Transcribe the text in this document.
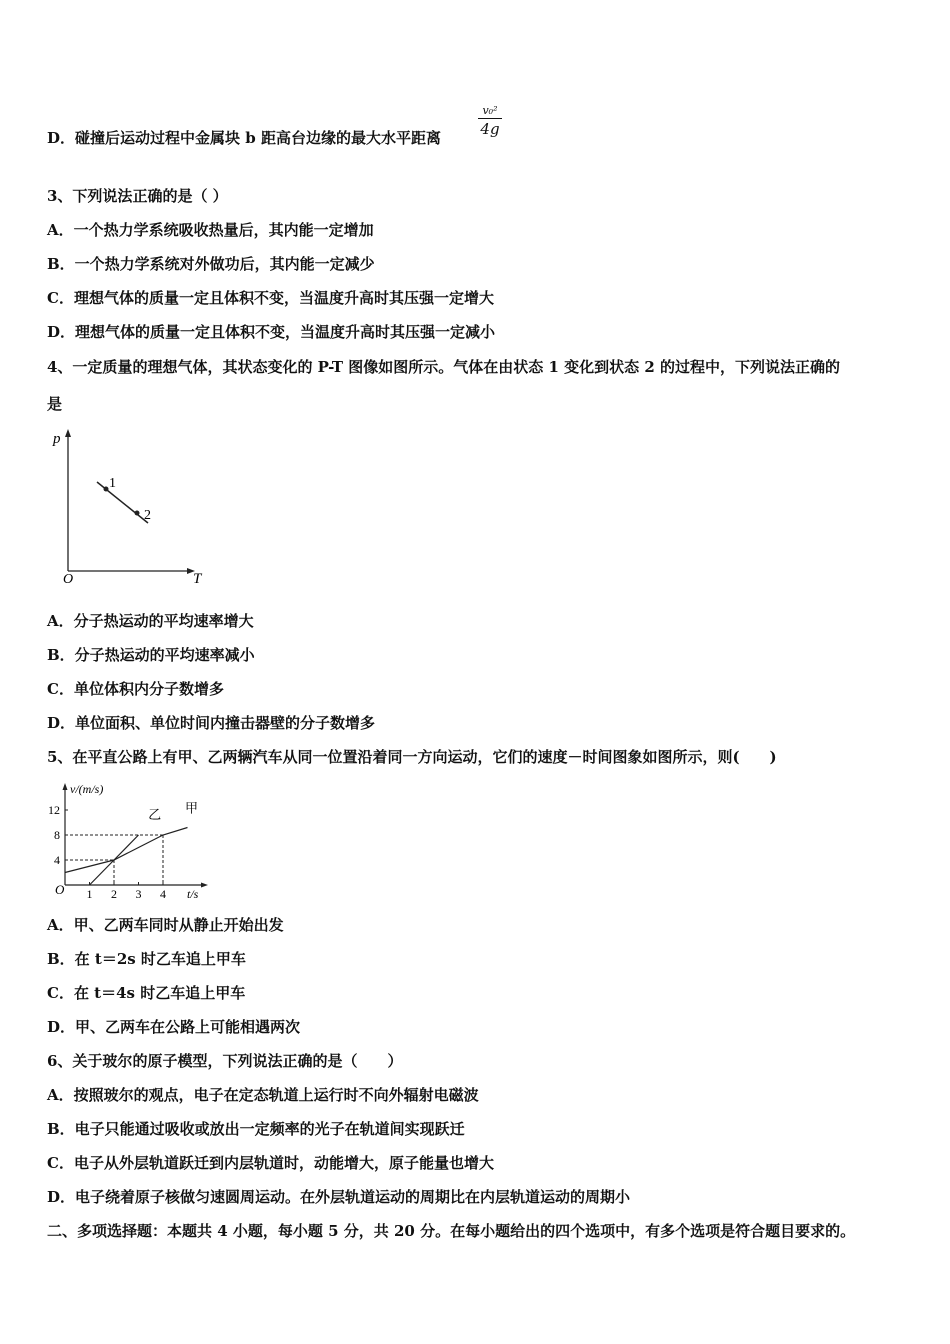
D．碰撞后运动过程中金属块 b 距高台边缘的最大水平距离
v₀²
4g
3、下列说法正确的是（ ）
A．一个热力学系统吸收热量后，其内能一定增加
B．一个热力学系统对外做功后，其内能一定减少
C．理想气体的质量一定且体积不变，当温度升高时其压强一定增大
D．理想气体的质量一定且体积不变，当温度升高时其压强一定减小
4、一定质量的理想气体，其状态变化的 P-T 图像如图所示。气体在由状态 1 变化到状态 2 的过程中，下列说法正确的
是
p
T
O
1
2
A．分子热运动的平均速率增大
B．分子热运动的平均速率减小
C．单位体积内分子数增多
D．单位面积、单位时间内撞击器壁的分子数增多
5、在平直公路上有甲、乙两辆汽车从同一位置沿着同一方向运动，它们的速度－时间图象如图所示，则(　　)
v/(m/s)
t/s
O 1 2 3 4
4
8
12	甲
乙
A．甲、乙两车同时从静止开始出发
B．在 t＝2s 时乙车追上甲车
C．在 t＝4s 时乙车追上甲车
D．甲、乙两车在公路上可能相遇两次
6、关于玻尔的原子模型，下列说法正确的是（　　）
A．按照玻尔的观点，电子在定态轨道上运行时不向外辐射电磁波
B．电子只能通过吸收或放出一定频率的光子在轨道间实现跃迁
C．电子从外层轨道跃迁到内层轨道时，动能增大，原子能量也增大
D．电子绕着原子核做匀速圆周运动。在外层轨道运动的周期比在内层轨道运动的周期小
二、多项选择题：本题共 4 小题，每小题 5 分，共 20 分。在每小题给出的四个选项中，有多个选项是符合题目要求的。
